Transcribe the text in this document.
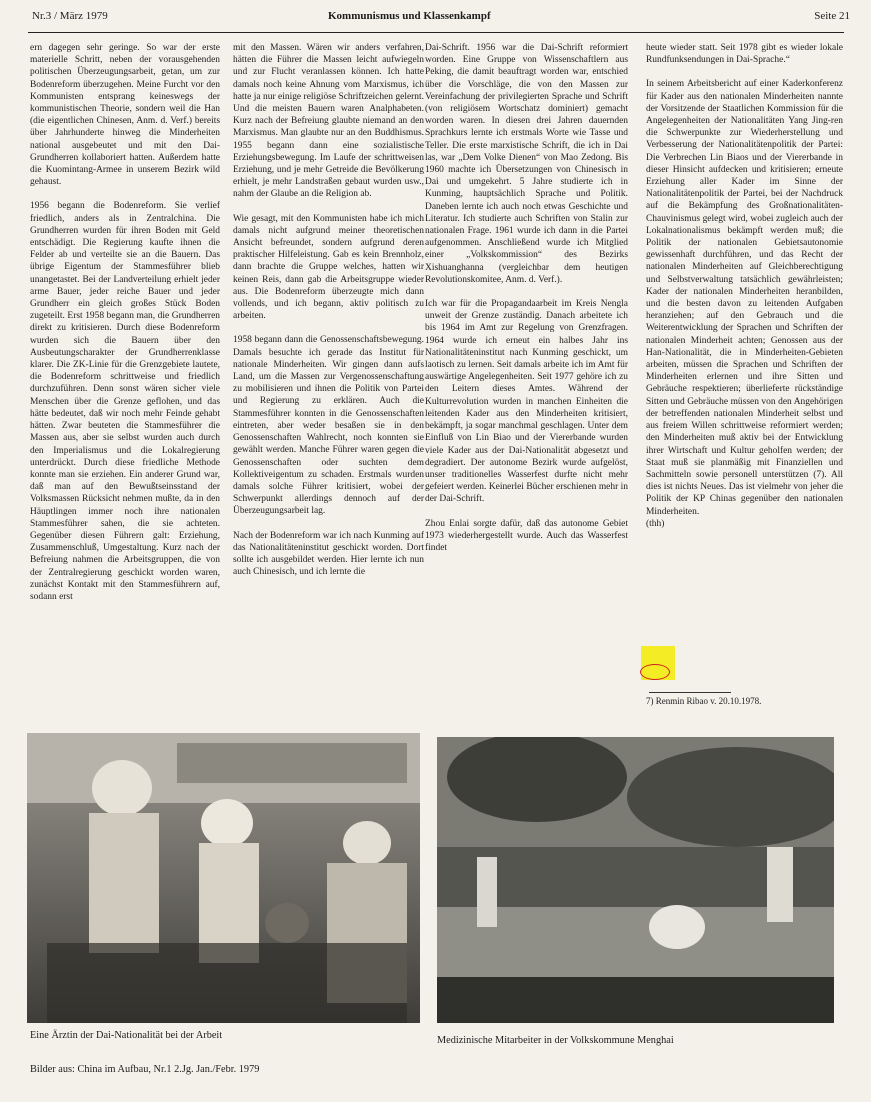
Nr.3 / März 1979	Kommunismus und Klassenkampf	Seite 21

ern dagegen sehr geringe. So war der erste materielle Schritt, neben der vorausgehenden politischen Überzeugungsarbeit, getan, um zur Bodenreform überzugehen. Meine Furcht vor den Kommunisten entsprang keineswegs der kommunistischen Theorie, sondern weil die Han (die eigentlichen Chinesen, Anm. d. Verf.) bereits über Jahrhunderte hinweg die Minderheiten national ausgebeutet und mit den Dai-Grundherren kollaboriert hatten. Außerdem hatte die Kuomintang-Armee in unserem Bezirk wild gehaust.

1956 begann die Bodenreform. Sie verlief friedlich, anders als in Zentralchina. Die Grundherren wurden für ihren Boden mit Geld entschädigt. Die Regierung kaufte ihnen die Felder ab und verteilte sie an die Bauern. Das übrige Eigentum der Stammesführer blieb unangetastet. Bei der Landverteilung erhielt jeder arme Bauer, jeder reiche Bauer und jeder Grundherr ein gleich großes Stück Boden zugeteilt. Erst 1958 begann man, die Grundherren direkt zu kritisieren. Durch diese Bodenreform wurden sich die Bauern über den Ausbeutungscharakter der Grundherrenklasse klarer. Die ZK-Linie für die Grenzgebiete lautete, die Bodenreform schrittweise und friedlich durchzuführen. Denn sonst wären sicher viele Menschen über die Grenze geflohen, und das hätte bedeutet, daß wir noch mehr Feinde gehabt hätten. Zwar beuteten die Stammesführer die Massen aus, aber sie selbst wurden auch durch den Imperialismus und die Lokalregierung unterdrückt. Durch diese friedliche Methode konnte man sie erziehen. Ein anderer Grund war, daß man auf den Bewußtseinsstand der Volksmassen Rücksicht nehmen mußte, da in den Häuptlingen immer noch ihre nationalen Stammesführer sahen, die sie achteten. Gegenüber diesen Führern galt: Erziehung, Zusammenschluß, Umgestaltung. Kurz nach der Befreiung nahmen die Arbeitsgruppen, die von der Zentralregierung geschickt worden waren, zunächst Kontakt mit den Stammesführern auf, sodann erst

mit den Massen. Wären wir anders verfahren, hätten die Führer die Massen leicht aufwiegeln und zur Flucht veranlassen können. Ich hatte damals noch keine Ahnung vom Marxismus, ich hatte ja nur einige religiöse Schriftzeichen gelernt. Und die meisten Bauern waren Analphabeten. Kurz nach der Befreiung glaubte niemand an den Marxismus. Man glaubte nur an den Buddhismus. 1955 begann dann eine sozialistische Erziehungsbewegung. Im Laufe der schrittweisen Erziehung, und je mehr Getreide die Bevölkerung erhielt, je mehr Landstraßen gebaut wurden usw., nahm der Glaube an die Religion ab.

Wie gesagt, mit den Kommunisten habe ich mich damals nicht aufgrund meiner theoretischen Ansicht befreundet, sondern aufgrund deren praktischer Hilfeleistung. Gab es kein Brennholz, dann brachte die Gruppe welches, hatten wir keinen Reis, dann gab die Arbeitsgruppe wieder aus. Die Bodenreform überzeugte mich dann vollends, und ich begann, aktiv politisch zu arbeiten.

1958 begann dann die Genossenschaftsbewegung. Damals besuchte ich gerade das Institut für nationale Minderheiten. Wir gingen dann aufs Land, um die Massen zur Vergenossenschaftung zu mobilisieren und ihnen die Politik von Partei und Regierung zu erklären. Auch die Stammesführer konnten in die Genossenschaften eintreten, aber weder besaßen sie in den Genossenschaften Wahlrecht, noch konnten sie gewählt werden. Manche Führer waren gegen die Genossenschaften oder suchten dem Kollektiveigentum zu schaden. Erstmals wurden damals solche Führer kritisiert, wobei der Schwerpunkt allerdings dennoch auf der Überzeugungsarbeit lag.

Nach der Bodenreform war ich nach Kunming auf das Nationalitäteninstitut geschickt worden. Dort sollte ich ausgebildet werden. Hier lernte ich nun auch Chinesisch, und ich lernte die

Dai-Schrift. 1956 war die Dai-Schrift reformiert worden. Eine Gruppe von Wissenschaftlern aus Peking, die damit beauftragt worden war, entschied über die Vorschläge, die von den Massen zur Vereinfachung der privilegierten Sprache und Schrift (von religiösem Wortschatz dominiert) gemacht worden waren. In diesen drei Jahren dauernden Sprachkurs lernte ich erstmals Worte wie Tasse und Teller. Die erste marxistische Schrift, die ich in Dai las, war „Dem Volke Dienen“ von Mao Zedong. Bis 1960 machte ich Übersetzungen von Chinesisch in Dai und umgekehrt. 5 Jahre studierte ich in Kunming, hauptsächlich Sprache und Politik. Daneben lernte ich auch noch etwas Geschichte und Literatur. Ich studierte auch Schriften von Stalin zur nationalen Frage. 1961 wurde ich dann in die Partei aufgenommen. Anschließend wurde ich Mitglied einer „Volkskommission“ des Bezirks Xishuanghanna (vergleichbar dem heutigen Revolutionskomitee, Anm. d. Verf.).

Ich war für die Propagandaarbeit im Kreis Nengla unweit der Grenze zuständig. Danach arbeitete ich bis 1964 im Amt zur Regelung von Grenzfragen. 1964 wurde ich erneut ein halbes Jahr ins Nationalitäteninstitut nach Kunming geschickt, um laotisch zu lernen. Seit damals arbeite ich im Amt für auswärtige Angelegenheiten. Seit 1977 gehöre ich zu den Leitern dieses Amtes. Während der Kulturrevolution wurden in manchen Einheiten die leitenden Kader aus den Minderheiten kritisiert, bekämpft, ja sogar manchmal geschlagen. Unter dem Einfluß von Lin Biao und der Viererbande wurden viele Kader aus der Dai-Nationalität abgesetzt und degradiert. Der autonome Bezirk wurde aufgelöst, unser traditionelles Wasserfest durfte nicht mehr gefeiert werden. Keinerlei Bücher erschienen mehr in der Dai-Schrift.

Zhou Enlai sorgte dafür, daß das autonome Gebiet 1973 wiederhergestellt wurde. Auch das Wasserfest findet

heute wieder statt. Seit 1978 gibt es wieder lokale Rundfunksendungen in Dai-Sprache.“

In seinem Arbeitsbericht auf einer Kaderkonferenz für Kader aus den nationalen Minderheiten nannte der Vorsitzende der Staatlichen Kommission für die Angelegenheiten der Nationalitäten Yang Jing-ren die Schwerpunkte zur Wiederherstellung und Verbesserung der Nationalitätenpolitik der Partei: Die Verbrechen Lin Biaos und der Viererbande in dieser Hinsicht aufdecken und kritisieren; erneute Erziehung aller Kader im Sinne der Nationalitätenpolitik der Partei, bei der Nachdruck auf die Bekämpfung des Großnationalitäten-Chauvinismus gelegt wird, wobei zugleich auch der Lokalnationalismus bekämpft werden muß; die Politik der nationalen Gebietsautonomie gewissenhaft durchführen, und das Recht der nationalen Minderheiten auf Gleichberechtigung und Selbstverwaltung tatsächlich gewährleisten; Kader der nationalen Minderheiten heranbilden, und die besten davon zu leitenden Aufgaben heranziehen; auf den Gebrauch und die Weiterentwicklung der Sprachen und Schriften der nationalen Minderheit achten; Genossen aus der Han-Nationalität, die in Minderheiten-Gebieten arbeiten, müssen die Sprachen und Schriften der Minderheiten erlernen und ihre Sitten und Gebräuche respektieren; überlieferte rückständige Sitten und Gebräuche müssen von den Angehörigen der betreffenden nationalen Minderheit selbst und aus freiem Willen schrittweise reformiert werden; den Minderheiten muß aktiv bei der Entwicklung ihrer Wirtschaft und Kultur geholfen werden; der Staat muß sie planmäßig mit Finanziellen und Sachmitteln sowie personell unterstützen (7). All dies ist nichts Neues. Das ist vielmehr von jeher die Politik der KP Chinas gegenüber den nationalen Minderheiten.

(thh)

7) Renmin Ribao v. 20.10.1978.
Eine Ärztin der Dai-Nationalität bei der Arbeit	Medizinische Mitarbeiter in der Volkskommune Menghai
Bilder aus: China im Aufbau, Nr.1 2.Jg. Jan./Febr. 1979
